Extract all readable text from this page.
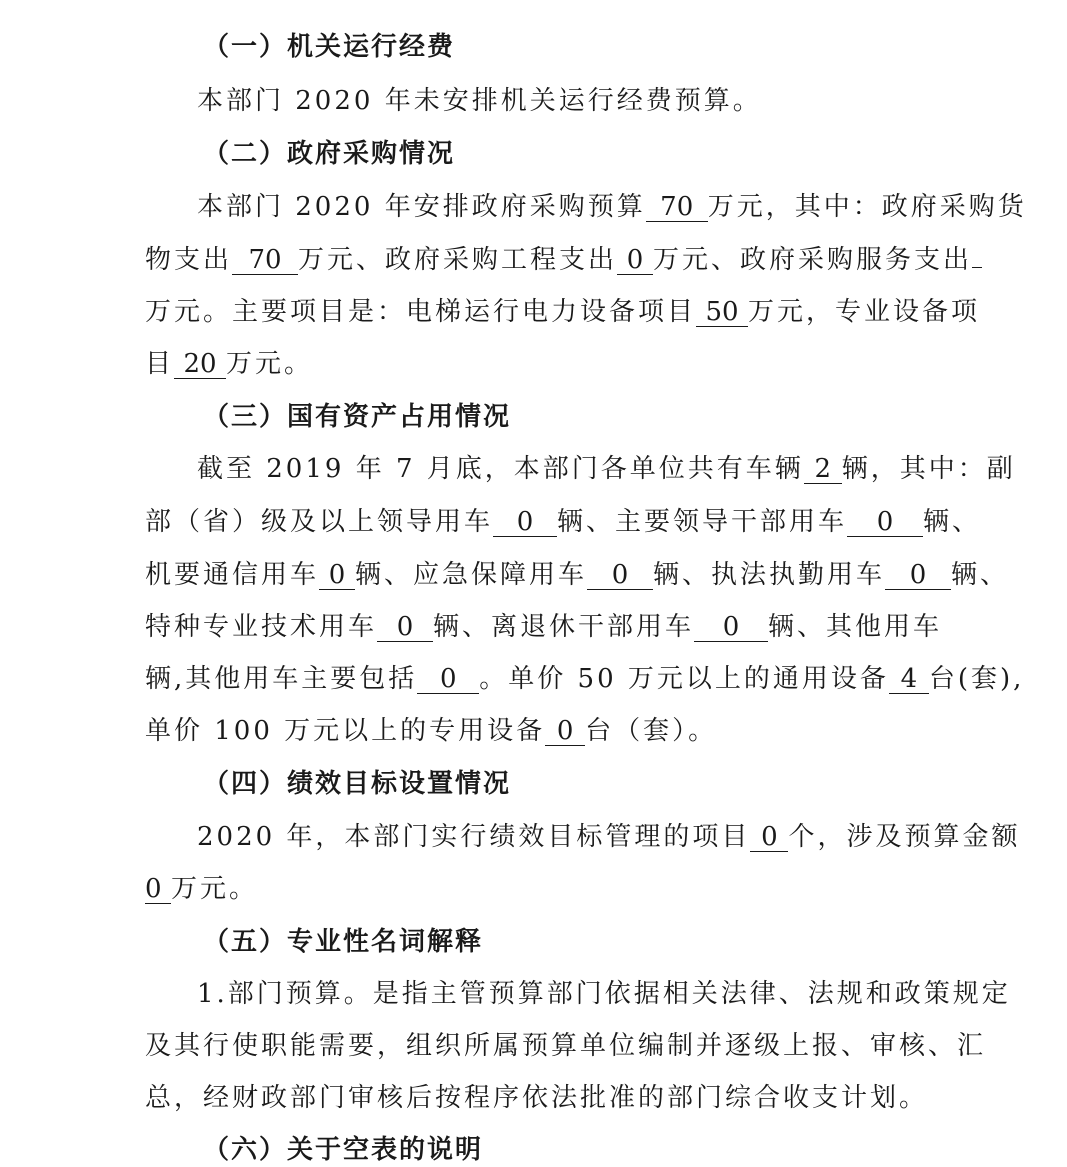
（一）机关运行经费
本部门 2020 年未安排机关运行经费预算。
（二）政府采购情况
本部门 2020 年安排政府采购预算 70 万元，其中：政府采购货
物支出 70 万元、政府采购工程支出 0 万元、政府采购服务支出
万元。主要项目是：电梯运行电力设备项目 50 万元，专业设备项
目 20 万元。
（三）国有资产占用情况
截至 2019 年 7 月底，本部门各单位共有车辆 2 辆，其中：副
部（省）级及以上领导用车 0 辆、主要领导干部用车 0 辆、
机要通信用车 0 辆、应急保障用车 0 辆、执法执勤用车 0 辆、
特种专业技术用车 0 辆、离退休干部用车 0 辆、其他用车
辆,其他用车主要包括 0 。单价 50 万元以上的通用设备 4 台(套),
单价 100 万元以上的专用设备 0 台（套）。
（四）绩效目标设置情况
2020 年，本部门实行绩效目标管理的项目 0 个，涉及预算金额
0 万元。
（五）专业性名词解释
1.部门预算。是指主管预算部门依据相关法律、法规和政策规定
及其行使职能需要，组织所属预算单位编制并逐级上报、审核、汇
总，经财政部门审核后按程序依法批准的部门综合收支计划。
（六）关于空表的说明
